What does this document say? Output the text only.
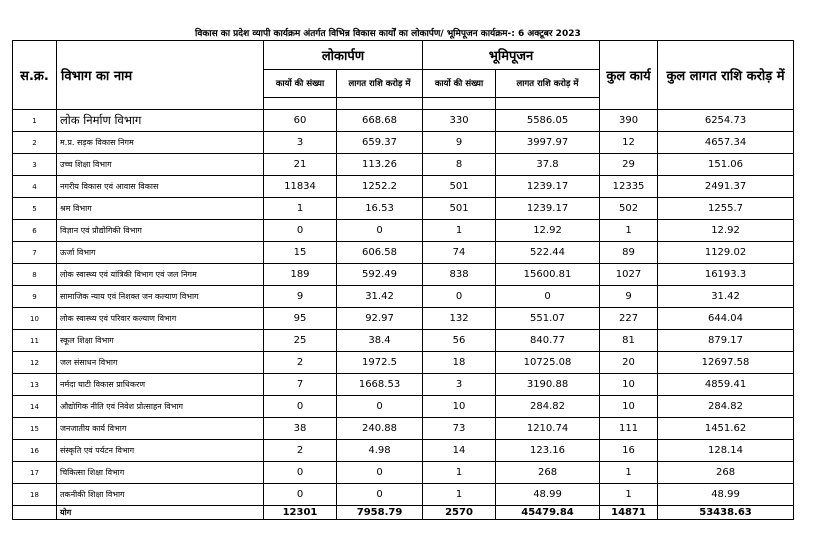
विकास का प्रदेश व्यापी कार्यक्रम अंतर्गत विभिन्न विकास कार्यों का लोकार्पण/ भूमिपूजन कार्यक्रम-: 6 अक्टूबर 2023
स.क्र.	विभाग का नाम	लोकार्पण		भूमिपूजन		कुल कार्य	कुल लागत राशि करोड़ में
		कार्यो की संख्या	लागत राशि करोड़ में	कार्यो की संख्या	लागत राशि करोड़ में		

1	लोक निर्माण विभाग	60	668.68	330	5586.05	390	6254.73
2	म.प्र. सड़क विकास निगम	3	659.37	9	3997.97	12	4657.34
3	उच्च शिक्षा विभाग	21	113.26	8	37.8	29	151.06
4	नगरीय विकास एवं आवास विकास	11834	1252.2	501	1239.17	12335	2491.37
5	श्रम विभाग	1	16.53	501	1239.17	502	1255.7
6	विज्ञान एवं प्रौद्योगिकी विभाग	0	0	1	12.92	1	12.92
7	ऊर्जा विभाग	15	606.58	74	522.44	89	1129.02
8	लोक स्वास्थ्य एवं यांत्रिकी विभाग एवं जल निगम	189	592.49	838	15600.81	1027	16193.3
9	सामाजिक न्याय एवं निशक्त जन कल्याण विभाग	9	31.42	0	0	9	31.42
10	लोक स्वास्थ्य एवं परिवार कल्याण विभाग	95	92.97	132	551.07	227	644.04
11	स्कूल शिक्षा विभाग	25	38.4	56	840.77	81	879.17
12	जल संसाधन विभाग	2	1972.5	18	10725.08	20	12697.58
13	नर्मदा घाटी विकास प्राधिकरण	7	1668.53	3	3190.88	10	4859.41
14	औद्योगिक नीति एवं निवेश प्रोत्साहन विभाग	0	0	10	284.82	10	284.82
15	जनजातीय कार्य विभाग	38	240.88	73	1210.74	111	1451.62
16	संस्कृति एवं पर्यटन विभाग	2	4.98	14	123.16	16	128.14
17	चिकित्सा शिक्षा विभाग	0	0	1	268	1	268
18	तकनीकी शिक्षा विभाग	0	0	1	48.99	1	48.99
	योग	12301	7958.79	2570	45479.84	14871	53438.63
